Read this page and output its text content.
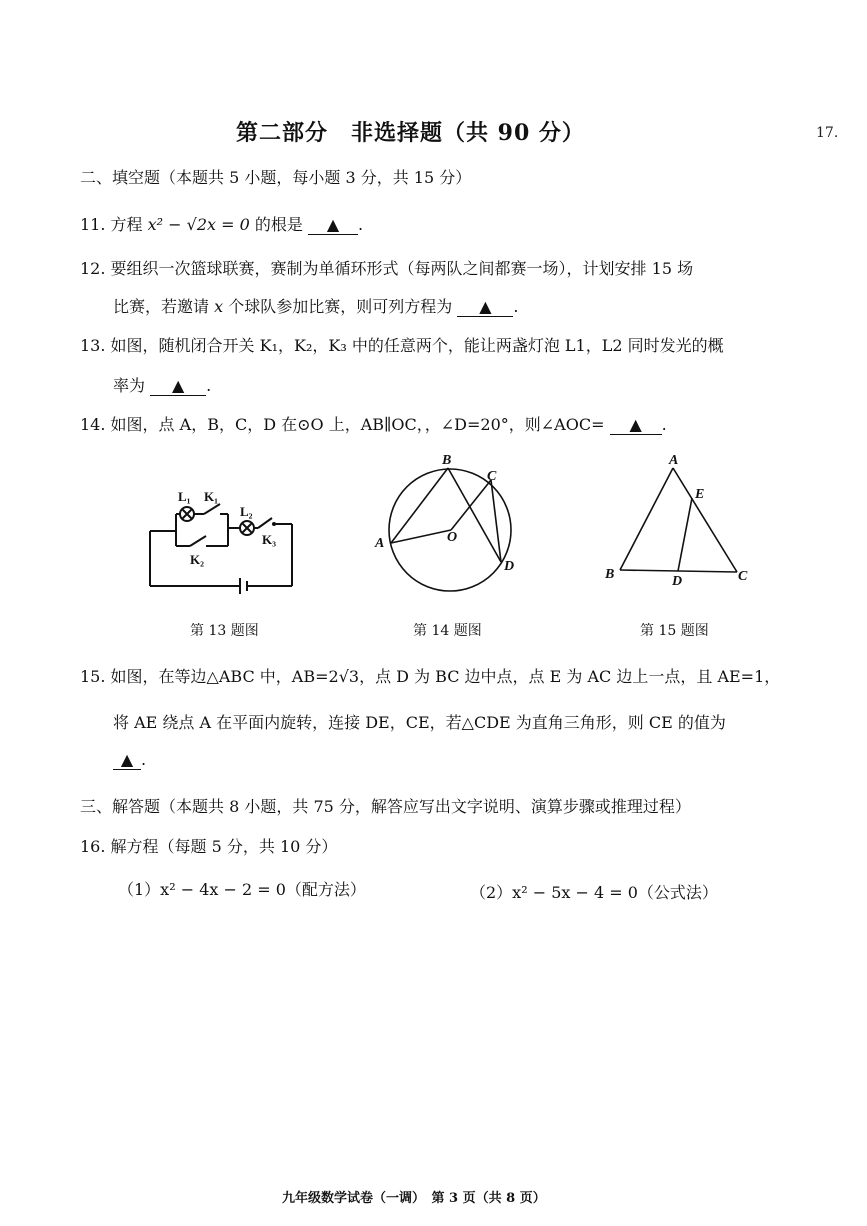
第二部分　非选择题（共 90 分）	17.
二、填空题（本题共 5 小题，每小题 3 分，共 15 分）
11. 方程 x² − √2x = 0 的根是 ▲ .
12. 要组织一次篮球联赛，赛制为单循环形式（每两队之间都赛一场），计划安排 15 场
比赛，若邀请 x 个球队参加比赛，则可列方程为 ▲ .
13. 如图，随机闭合开关 K₁，K₂，K₃ 中的任意两个，能让两盏灯泡 L1，L2 同时发光的概
率为 ▲ .
14. 如图，点 A，B，C，D 在⊙O 上，AB∥OC，，∠D=20°，则∠AOC= ▲ .
L₁ K₁
L₂
K₃
K₂
第 13 题图
B
C
A	O
D
第 14 题图
A
E
B	D	C
第 15 题图
15. 如图，在等边△ABC 中，AB=2√3，点 D 为 BC 边中点，点 E 为 AC 边上一点，且 AE=1，
将 AE 绕点 A 在平面内旋转，连接 DE，CE，若△CDE 为直角三角形，则 CE 的值为
▲ .
三、解答题（本题共 8 小题，共 75 分，解答应写出文字说明、演算步骤或推理过程）
16. 解方程（每题 5 分，共 10 分）
（1）x² − 4x − 2 = 0（配方法）	（2）x² − 5x − 4 = 0（公式法）
九年级数学试卷（一调）　第 3 页（共 8 页）
